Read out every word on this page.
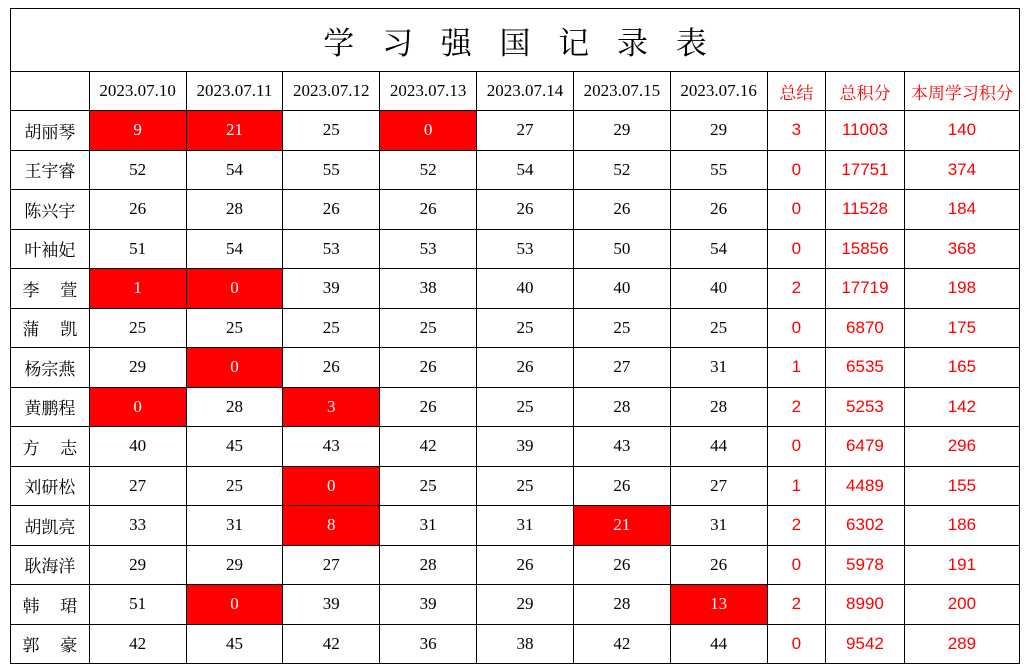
学 习 强 国 记 录 表										
	2023.07.10	2023.07.11	2023.07.12	2023.07.13	2023.07.14	2023.07.15	2023.07.16	总结	总积分	本周学习积分
胡丽琴	9	21	25	0	27	29	29	3	11003	140
王宇睿	52	54	55	52	54	52	55	0	17751	374
陈兴宇	26	28	26	26	26	26	26	0	11528	184
叶袖妃	51	54	53	53	53	50	54	0	15856	368
李 萱	1	0	39	38	40	40	40	2	17719	198
蒲 凯	25	25	25	25	25	25	25	0	6870	175
杨宗燕	29	0	26	26	26	27	31	1	6535	165
黄鹏程	0	28	3	26	25	28	28	2	5253	142
方 志	40	45	43	42	39	43	44	0	6479	296
刘研松	27	25	0	25	25	26	27	1	4489	155
胡凯亮	33	31	8	31	31	21	31	2	6302	186
耿海洋	29	29	27	28	26	26	26	0	5978	191
韩 珺	51	0	39	39	29	28	13	2	8990	200
郭 豪	42	45	42	36	38	42	44	0	9542	289
